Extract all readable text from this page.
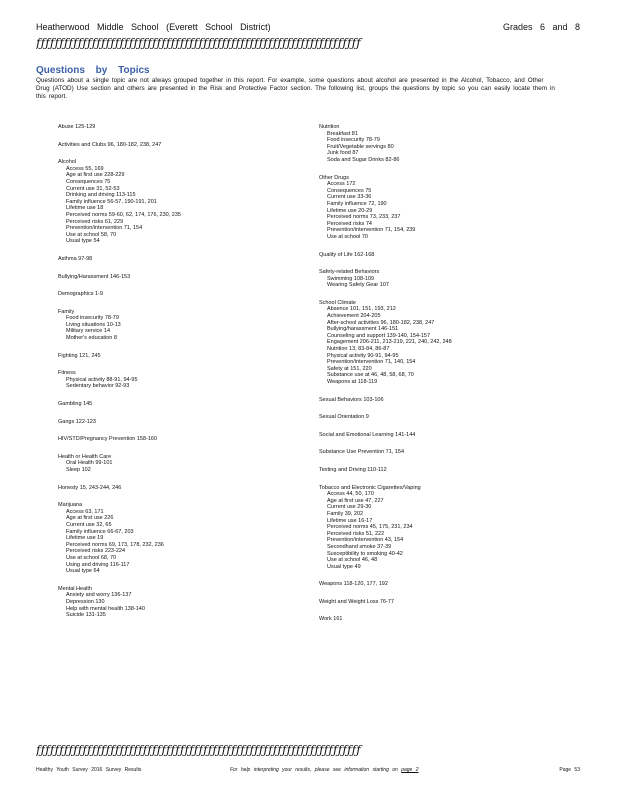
Heatherwood Middle School (Everett School District)	Grades 6 and 8
ƒƒƒƒƒƒƒƒƒƒƒƒƒƒƒƒƒƒƒƒƒƒƒƒƒƒƒƒƒƒƒƒƒƒƒƒƒƒƒƒƒƒƒƒƒƒƒƒƒƒƒƒƒƒƒƒƒƒƒƒƒƒƒƒƒƒƒƒƒƒ
Questions by Topics
Questions about a single topic are not always grouped together in this report. For example, some questions about alcohol are presented in the Alcohol, Tobacco, and Other Drug (ATOD) Use section and others are presented in the Risk and Protective Factor section. The following list, groups the questions by topic so you can easily locate them in this report.
Abuse 125-129
Activities and Clubs 96, 180-182, 238, 247
Alcohol
Access 55, 169
Age at first use 228-229
Consequences 75
Current use 31, 52-53
Drinking and driving 113-115
Family influence 56-57, 190-191, 201
Lifetime use 18
Perceived norms 59-60, 62, 174, 176, 230, 235
Perceived risks 61, 229
Prevention/intervention 71, 154
Use at school 58, 70
Usual type 54
Asthma 97-98
Bullying/Harassment 146-153
Demographics 1-9
Family
Food insecurity 78-79
Living situations 10-13
Military service 14
Mother's education 8
Fighting 121, 245
Fitness
Physical activity 88-91, 94-95
Sedentary behavior 92-93
Gambling 145
Gangs 122-123
HIV/STD/Pregnancy Prevention 158-160
Health or Health Care
Oral Health 99-101
Sleep 102
Honesty 15, 243-244, 246
Marijuana
Access 63, 171
Age at first use 226
Current use 32, 65
Family influence 66-67, 203
Lifetime use 19
Perceived norms 69, 173, 178, 232, 236
Perceived risks 223-224
Use at school 68, 70
Using and driving 116-117
Usual type 64
Mental Health
Anxiety and worry 136-137
Depression 130
Help with mental health 138-140
Suicide 131-135
Nutrition
Breakfast 81
Food insecurity 78-79
Fruit/Vegetable servings 80
Junk food 87
Soda and Sugar Drinks 82-86
Other Drugs
Access 172
Consequences 75
Current use 33-36
Family influence 72, 190
Lifetime use 20-29
Perceived norms 73, 233, 237
Perceived risks 74
Prevention/intervention 71, 154, 239
Use at school 70
Quality of Life 162-168
Safety-related Behaviors
Swimming 108-109
Wearing Safety Gear 107
School Climate
Absence 101, 151, 193, 212
Achievement 204-205
After-school activities 96, 180-182, 238, 247
Bullying/harassment 146-151
Counseling and support 139-140, 154-157
Engagement 206-211, 213-219, 221, 240, 242, 248
Nutrition 13, 83-84, 86-87
Physical activity 90-91, 94-95
Prevention/intervention 71, 140, 154
Safety at 151, 220
Substance use at 46, 48, 58, 68, 70
Weapons at 118-119
Sexual Behaviors 103-106
Sexual Orientation 9
Social and Emotional Learning 141-144
Substance Use Prevention 71, 154
Texting and Driving 110-112
Tobacco and Electronic Cigarettes/Vaping
Access 44, 50, 170
Age at first use 47, 227
Current use 29-30
Family 39, 202
Lifetime use 16-17
Perceived norms 45, 175, 231, 234
Perceived risks 51, 222
Prevention/intervention 43, 154
Secondhand smoke 37-39
Susceptibility to smoking 40-42
Use at school 46, 48
Usual type 49
Weapons 118-120, 177, 192
Weight and Weight Loss 76-77
Work 161
ƒƒƒƒƒƒƒƒƒƒƒƒƒƒƒƒƒƒƒƒƒƒƒƒƒƒƒƒƒƒƒƒƒƒƒƒƒƒƒƒƒƒƒƒƒƒƒƒƒƒƒƒƒƒƒƒƒƒƒƒƒƒƒƒƒƒƒƒƒƒ
Healthy Youth Survey 2016 Survey Results	For help interpreting your results, please see information starting on page 2	Page 53
